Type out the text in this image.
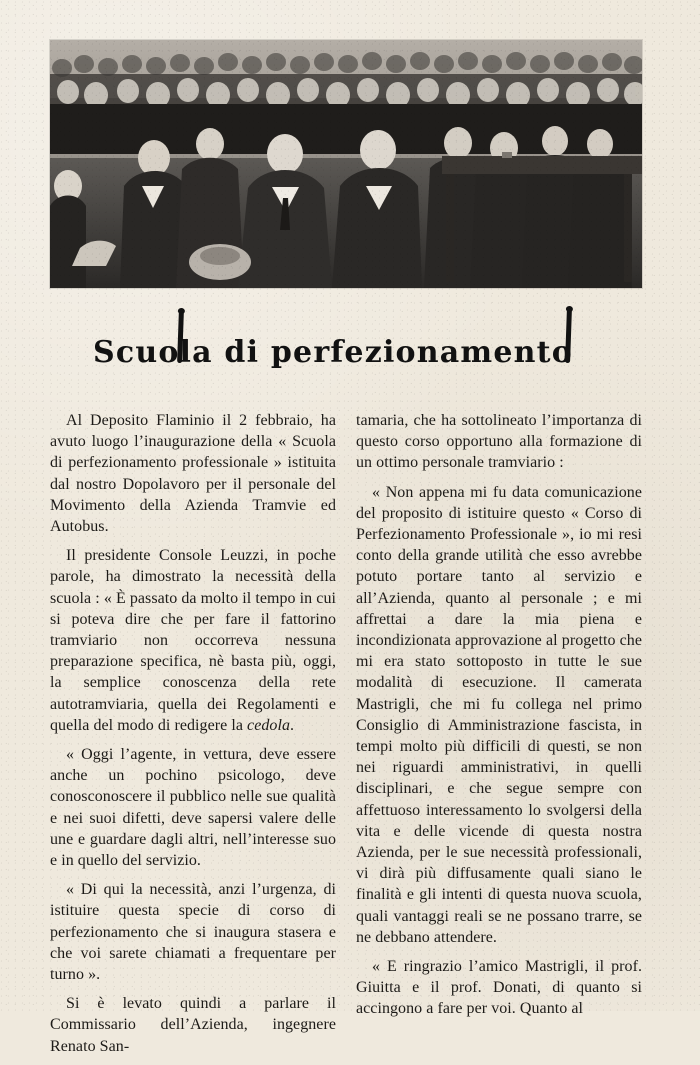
Scuola di perfezionamento

Al Deposito Flaminio il 2 febbraio, ha avuto luogo l’inaugurazione della « Scuola di perfezionamento professionale » istituita dal nostro Dopolavoro per il personale del Movimento della Azienda Tramvie ed Autobus.

Il presidente Console Leuzzi, in poche parole, ha dimostrato la necessità della scuola : « È passato da molto il tempo in cui si poteva dire che per fare il fattorino tramviario non occorreva nessuna preparazione specifica, nè basta più, oggi, la semplice conoscenza della rete autotramviaria, quella dei Regolamenti e quella del modo di redigere la cedola.

« Oggi l’agente, in vettura, deve essere anche un pochino psicologo, deve conosconoscere il pubblico nelle sue qualità e nei suoi difetti, deve sapersi valere delle une e guardare dagli altri, nell’interesse suo e in quello del servizio.

« Di qui la necessità, anzi l’urgenza, di istituire questa specie di corso di perfezionamento che si inaugura stasera e che voi sarete chiamati a frequentare per turno ».

Si è levato quindi a parlare il Commissario dell’Azienda, ingegnere Renato San-

tamaria, che ha sottolineato l’importanza di questo corso opportuno alla formazione di un ottimo personale tramviario :

« Non appena mi fu data comunicazione del proposito di istituire questo « Corso di Perfezionamento Professionale », io mi resi conto della grande utilità che esso avrebbe potuto portare tanto al servizio e all’Azienda, quanto al personale ; e mi affrettai a dare la mia piena e incondizionata approvazione al progetto che mi era stato sottoposto in tutte le sue modalità di esecuzione. Il camerata Mastrigli, che mi fu collega nel primo Consiglio di Amministrazione fascista, in tempi molto più difficili di questi, se non nei riguardi amministrativi, in quelli disciplinari, e che segue sempre con affettuoso interessamento lo svolgersi della vita e delle vicende di questa nostra Azienda, per le sue necessità professionali, vi dirà più diffusamente quali siano le finalità e gli intenti di questa nuova scuola, quali vantaggi reali se ne possano trarre, se ne debbano attendere.

« E ringrazio l’amico Mastrigli, il prof. Giuitta e il prof. Donati, di quanto si accingono a fare per voi. Quanto al
